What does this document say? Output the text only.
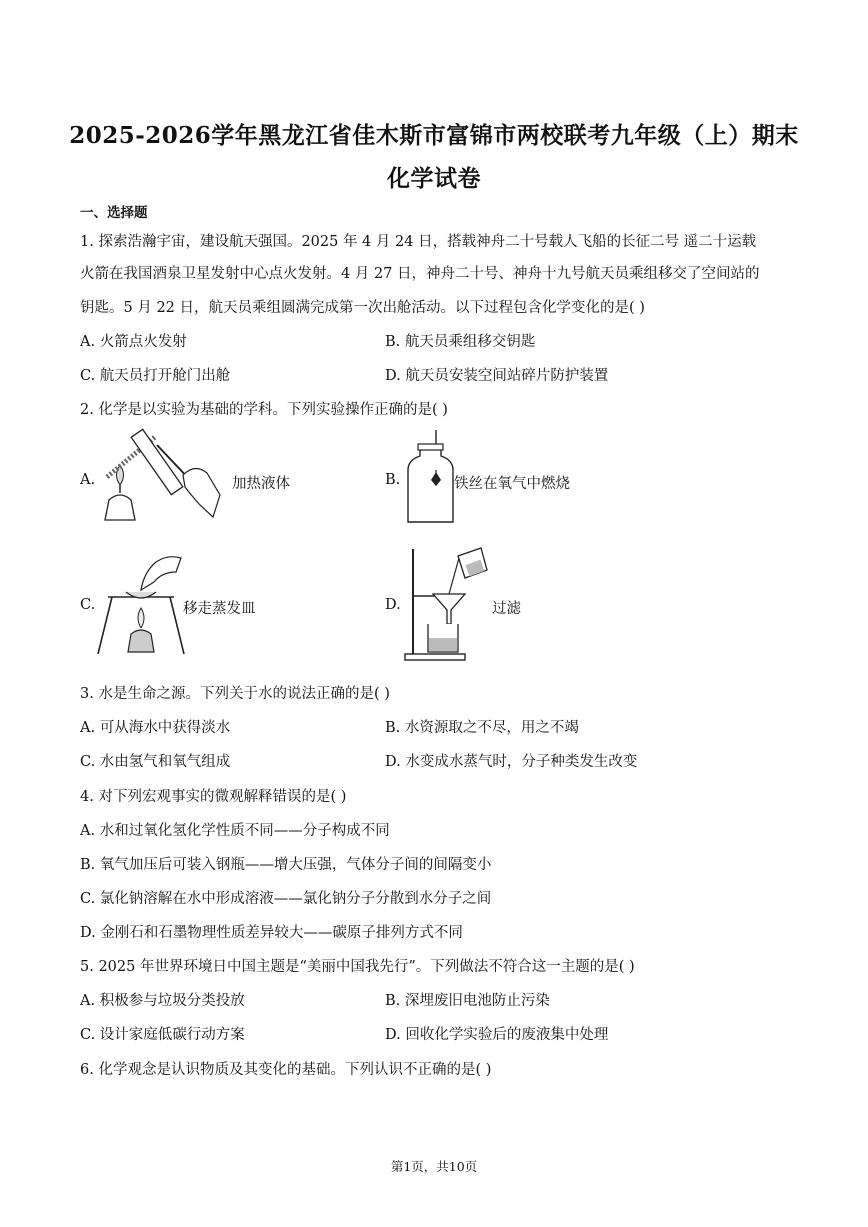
2025-2026学年黑龙江省佳木斯市富锦市两校联考九年级（上）期末
化学试卷
一、选择题
1. 探索浩瀚宇宙，建设航天强国。2025 年 4 月 24 日，搭载神舟二十号载人飞船的长征二号 遥二十运载
火箭在我国酒泉卫星发射中心点火发射。4 月 27 日，神舟二十号、神舟十九号航天员乘组移交了空间站的
钥匙。5 月 22 日，航天员乘组圆满完成第一次出舱活动。以下过程包含化学变化的是( )
A. 火箭点火发射	B. 航天员乘组移交钥匙
C. 航天员打开舱门出舱	D. 航天员安装空间站碎片防护装置
2. 化学是以实验为基础的学科。下列实验操作正确的是( )
A.	加热液体	B.	铁丝在氧气中燃烧
C.	移走蒸发皿	D.	过滤
3. 水是生命之源。下列关于水的说法正确的是( )
A. 可从海水中获得淡水	B. 水资源取之不尽，用之不竭
C. 水由氢气和氧气组成	D. 水变成水蒸气时，分子种类发生改变
4. 对下列宏观事实的微观解释错误的是( )
A. 水和过氧化氢化学性质不同——分子构成不同
B. 氧气加压后可装入钢瓶——增大压强，气体分子间的间隔变小
C. 氯化钠溶解在水中形成溶液——氯化钠分子分散到水分子之间
D. 金刚石和石墨物理性质差异较大——碳原子排列方式不同
5. 2025 年世界环境日中国主题是“美丽中国我先行”。下列做法不符合这一主题的是( )
A. 积极参与垃圾分类投放	B. 深埋废旧电池防止污染
C. 设计家庭低碳行动方案	D. 回收化学实验后的废液集中处理
6. 化学观念是认识物质及其变化的基础。下列认识不正确的是( )
第1页，共10页
